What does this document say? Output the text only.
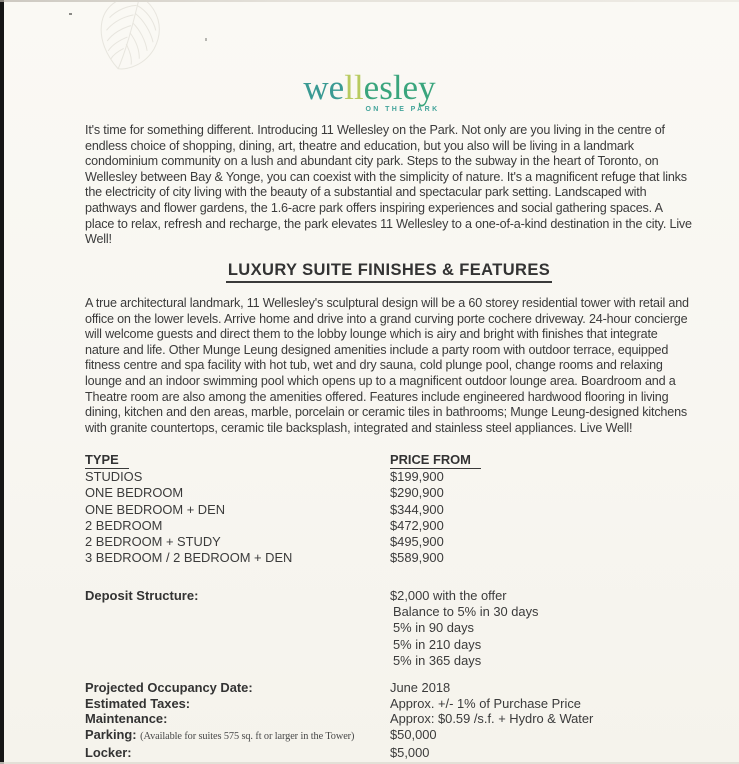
wellesley
ON THE PARK
It's time for something different. Introducing 11 Wellesley on the Park. Not only are you living in the centre of endless choice of shopping, dining, art, theatre and education, but you also will be living in a landmark condominium community on a lush and abundant city park. Steps to the subway in the heart of Toronto, on Wellesley between Bay & Yonge, you can coexist with the simplicity of nature. It's a magnificent refuge that links the electricity of city living with the beauty of a substantial and spectacular park setting. Landscaped with pathways and flower gardens, the 1.6-acre park offers inspiring experiences and social gathering spaces. A place to relax, refresh and recharge, the park elevates 11 Wellesley to a one-of-a-kind destination in the city. Live Well!
LUXURY SUITE FINISHES & FEATURES
A true architectural landmark, 11 Wellesley's sculptural design will be a 60 storey residential tower with retail and office on the lower levels. Arrive home and drive into a grand curving porte cochere driveway. 24-hour concierge will welcome guests and direct them to the lobby lounge which is airy and bright with finishes that integrate nature and life. Other Munge Leung designed amenities include a party room with outdoor terrace, equipped fitness centre and spa facility with hot tub, wet and dry sauna, cold plunge pool, change rooms and relaxing lounge and an indoor swimming pool which opens up to a magnificent outdoor lounge area. Boardroom and a Theatre room are also among the amenities offered. Features include engineered hardwood flooring in living dining, kitchen and den areas, marble, porcelain or ceramic tiles in bathrooms; Munge Leung-designed kitchens with granite countertops, ceramic tile backsplash, integrated and stainless steel appliances. Live Well!
TYPE	PRICE FROM
STUDIOS	$199,900
ONE BEDROOM	$290,900
ONE BEDROOM + DEN	$344,900
2 BEDROOM	$472,900
2 BEDROOM + STUDY	$495,900
3 BEDROOM / 2 BEDROOM + DEN	$589,900
Deposit Structure:	$2,000 with the offer
Balance to 5% in 30 days
5% in 90 days
5% in 210 days
5% in 365 days
Projected Occupancy Date:	June 2018
Estimated Taxes:	Approx. +/- 1% of Purchase Price
Maintenance:	Approx: $0.59 /s.f. + Hydro & Water
Parking: (Available for suites 575 sq. ft or larger in the Tower)	$50,000
Locker:	$5,000
